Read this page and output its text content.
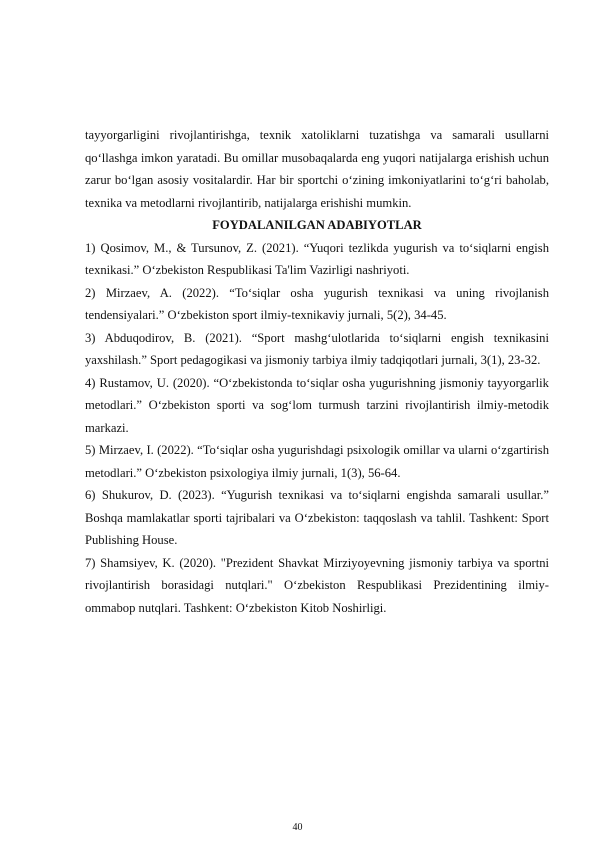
tayyorgarligini rivojlantirishga, texnik xatoliklarni tuzatishga va samarali usullarni qo‘llashga imkon yaratadi. Bu omillar musobaqalarda eng yuqori natijalarga erishish uchun zarur bo‘lgan asosiy vositalardir. Har bir sportchi o‘zining imkoniyatlarini to‘g‘ri baholab, texnika va metodlarni rivojlantirib, natijalarga erishishi mumkin.

FOYDALANILGAN ADABIYOTLAR

1) Qosimov, M., & Tursunov, Z. (2021). “Yuqori tezlikda yugurish va to‘siqlarni engish texnikasi.” O‘zbekiston Respublikasi Ta'lim Vazirligi nashriyoti.
2) Mirzaev, A. (2022). “To‘siqlar osha yugurish texnikasi va uning rivojlanish tendensiyalari.” O‘zbekiston sport ilmiy-texnikaviy jurnali, 5(2), 34-45.
3) Abduqodirov, B. (2021). “Sport mashg‘ulotlarida to‘siqlarni engish texnikasini yaxshilash.” Sport pedagogikasi va jismoniy tarbiya ilmiy tadqiqotlari jurnali, 3(1), 23-32.
4) Rustamov, U. (2020). “O‘zbekistonda to‘siqlar osha yugurishning jismoniy tayyorgarlik metodlari.” O‘zbekiston sporti va sog‘lom turmush tarzini rivojlantirish ilmiy-metodik markazi.
5) Mirzaev, I. (2022). “To‘siqlar osha yugurishdagi psixologik omillar va ularni o‘zgartirish metodlari.” O‘zbekiston psixologiya ilmiy jurnali, 1(3), 56-64.
6) Shukurov, D. (2023). “Yugurish texnikasi va to‘siqlarni engishda samarali usullar.” Boshqa mamlakatlar sporti tajribalari va O‘zbekiston: taqqoslash va tahlil. Tashkent: Sport Publishing House.
7) Shamsiyev, K. (2020). "Prezident Shavkat Mirziyoyevning jismoniy tarbiya va sportni rivojlantirish borasidagi nutqlari." O‘zbekiston Respublikasi Prezidentining ilmiy-ommabop nutqlari. Tashkent: O‘zbekiston Kitob Noshirligi.
40
